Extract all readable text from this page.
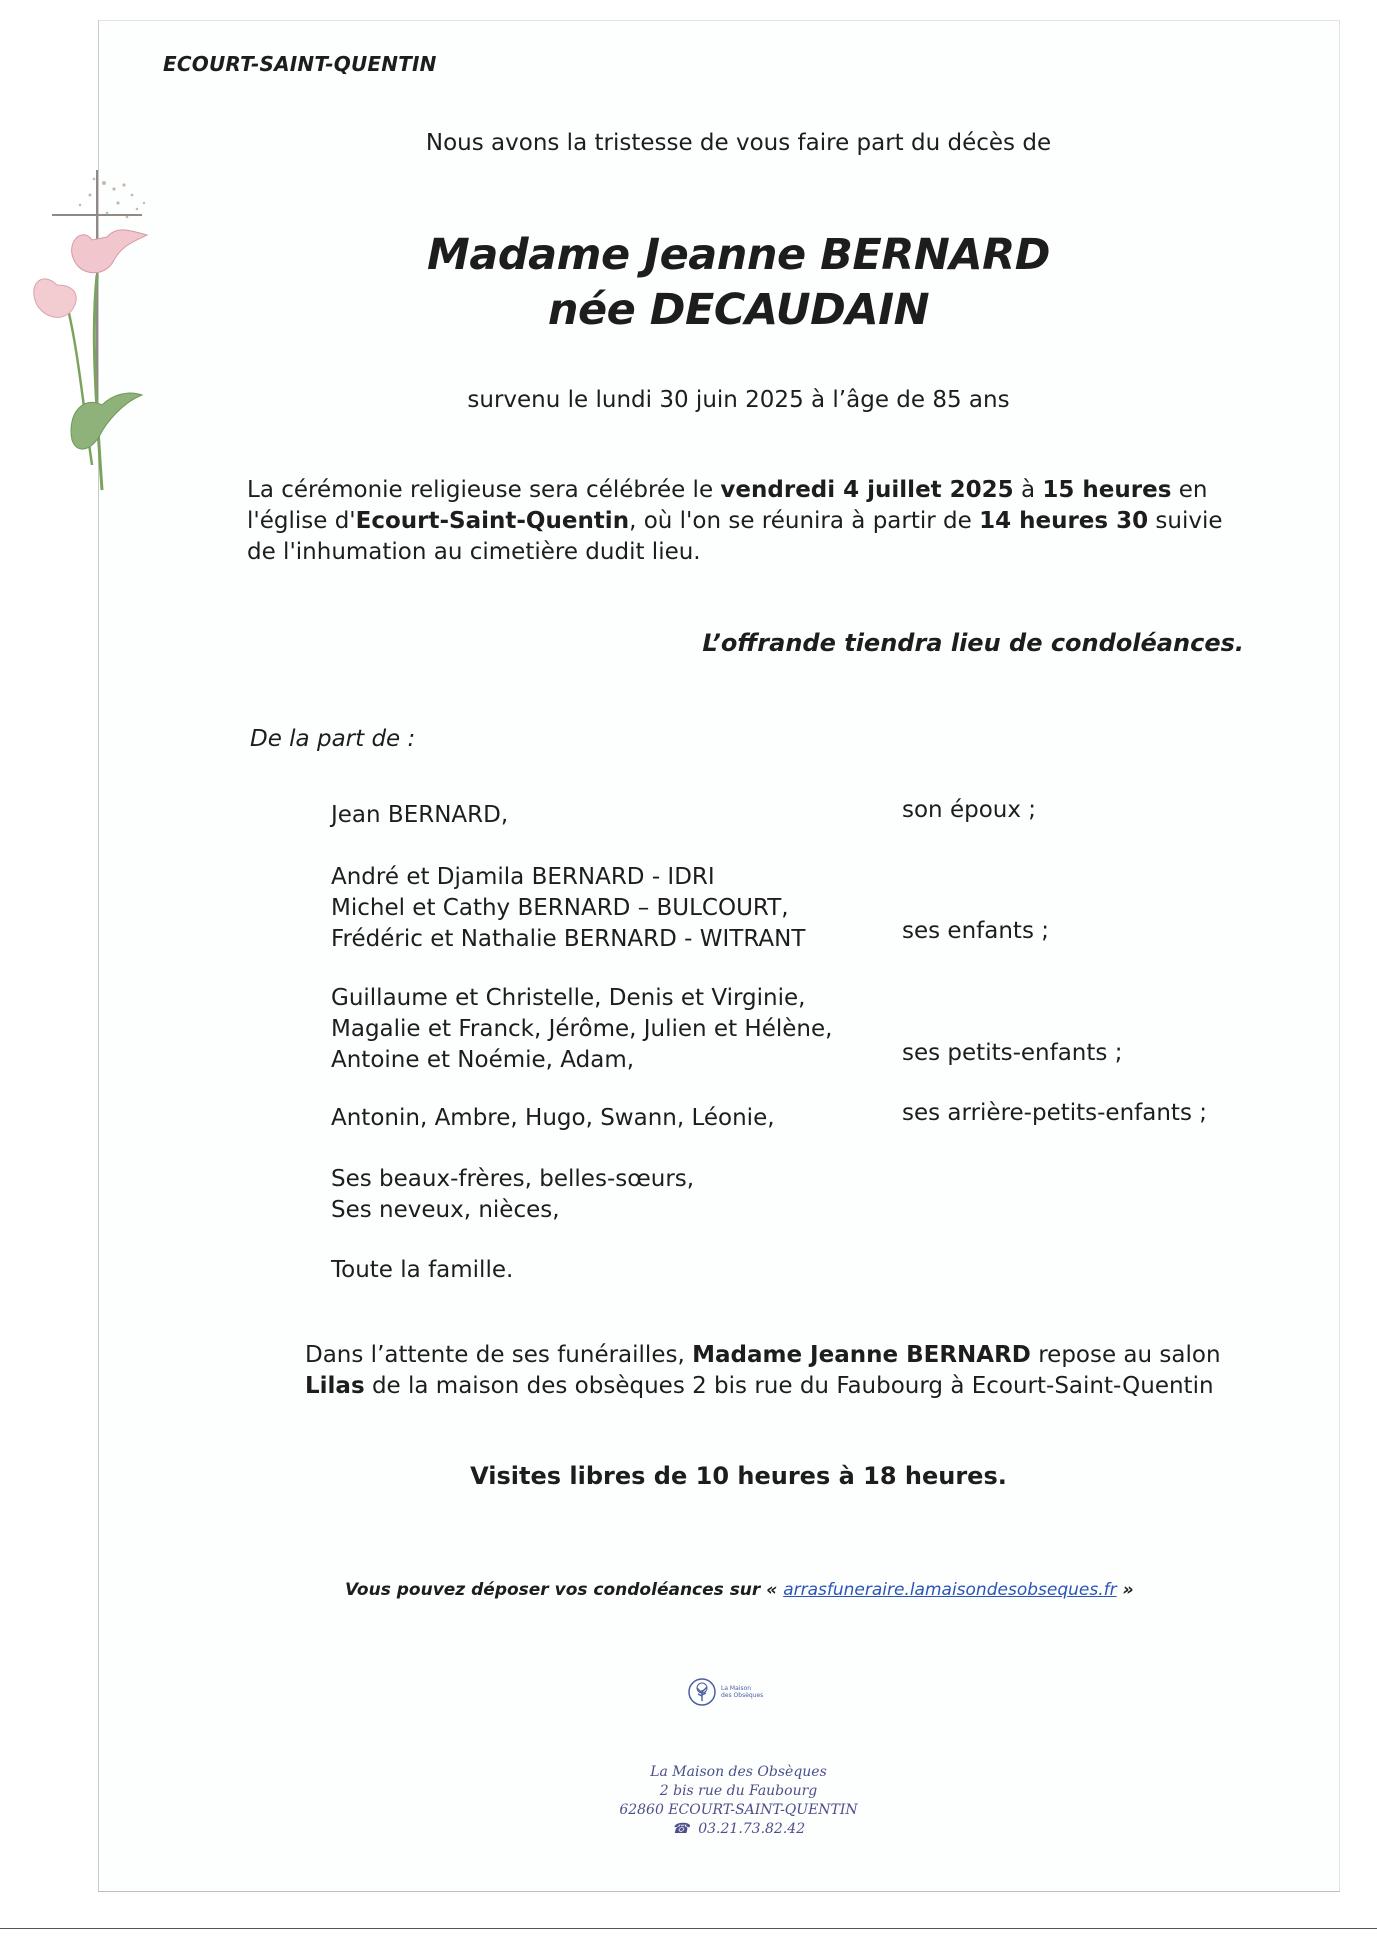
ECOURT-SAINT-QUENTIN
Nous avons la tristesse de vous faire part du décès de
Madame Jeanne BERNARD
née DECAUDAIN
survenu le lundi 30 juin 2025 à l’âge de 85 ans
La cérémonie religieuse sera célébrée le vendredi 4 juillet 2025 à 15 heures en l'église d'Ecourt-Saint-Quentin, où l'on se réunira à partir de 14 heures 30 suivie de l'inhumation au cimetière dudit lieu.
L’offrande tiendra lieu de condoléances.
De la part de :
Jean BERNARD,	son époux ;
André et Djamila BERNARD - IDRI
Michel et Cathy BERNARD – BULCOURT,
Frédéric et Nathalie BERNARD - WITRANT	ses enfants ;
Guillaume et Christelle, Denis et Virginie,
Magalie et Franck, Jérôme, Julien et Hélène,
Antoine et Noémie, Adam,	ses petits-enfants ;
Antonin, Ambre, Hugo, Swann, Léonie,	ses arrière-petits-enfants ;
Ses beaux-frères, belles-sœurs,
Ses neveux, nièces,
Toute la famille.
Dans l’attente de ses funérailles, Madame Jeanne BERNARD repose au salon Lilas de la maison des obsèques 2 bis rue du Faubourg à Ecourt-Saint-Quentin
Visites libres de 10 heures à 18 heures.
Vous pouvez déposer vos condoléances sur « arrasfuneraire.lamaisondesobseques.fr »
La Maison
des Obsèques
La Maison des Obsèques
2 bis rue du Faubourg
62860 ECOURT-SAINT-QUENTIN
☎ 03.21.73.82.42
